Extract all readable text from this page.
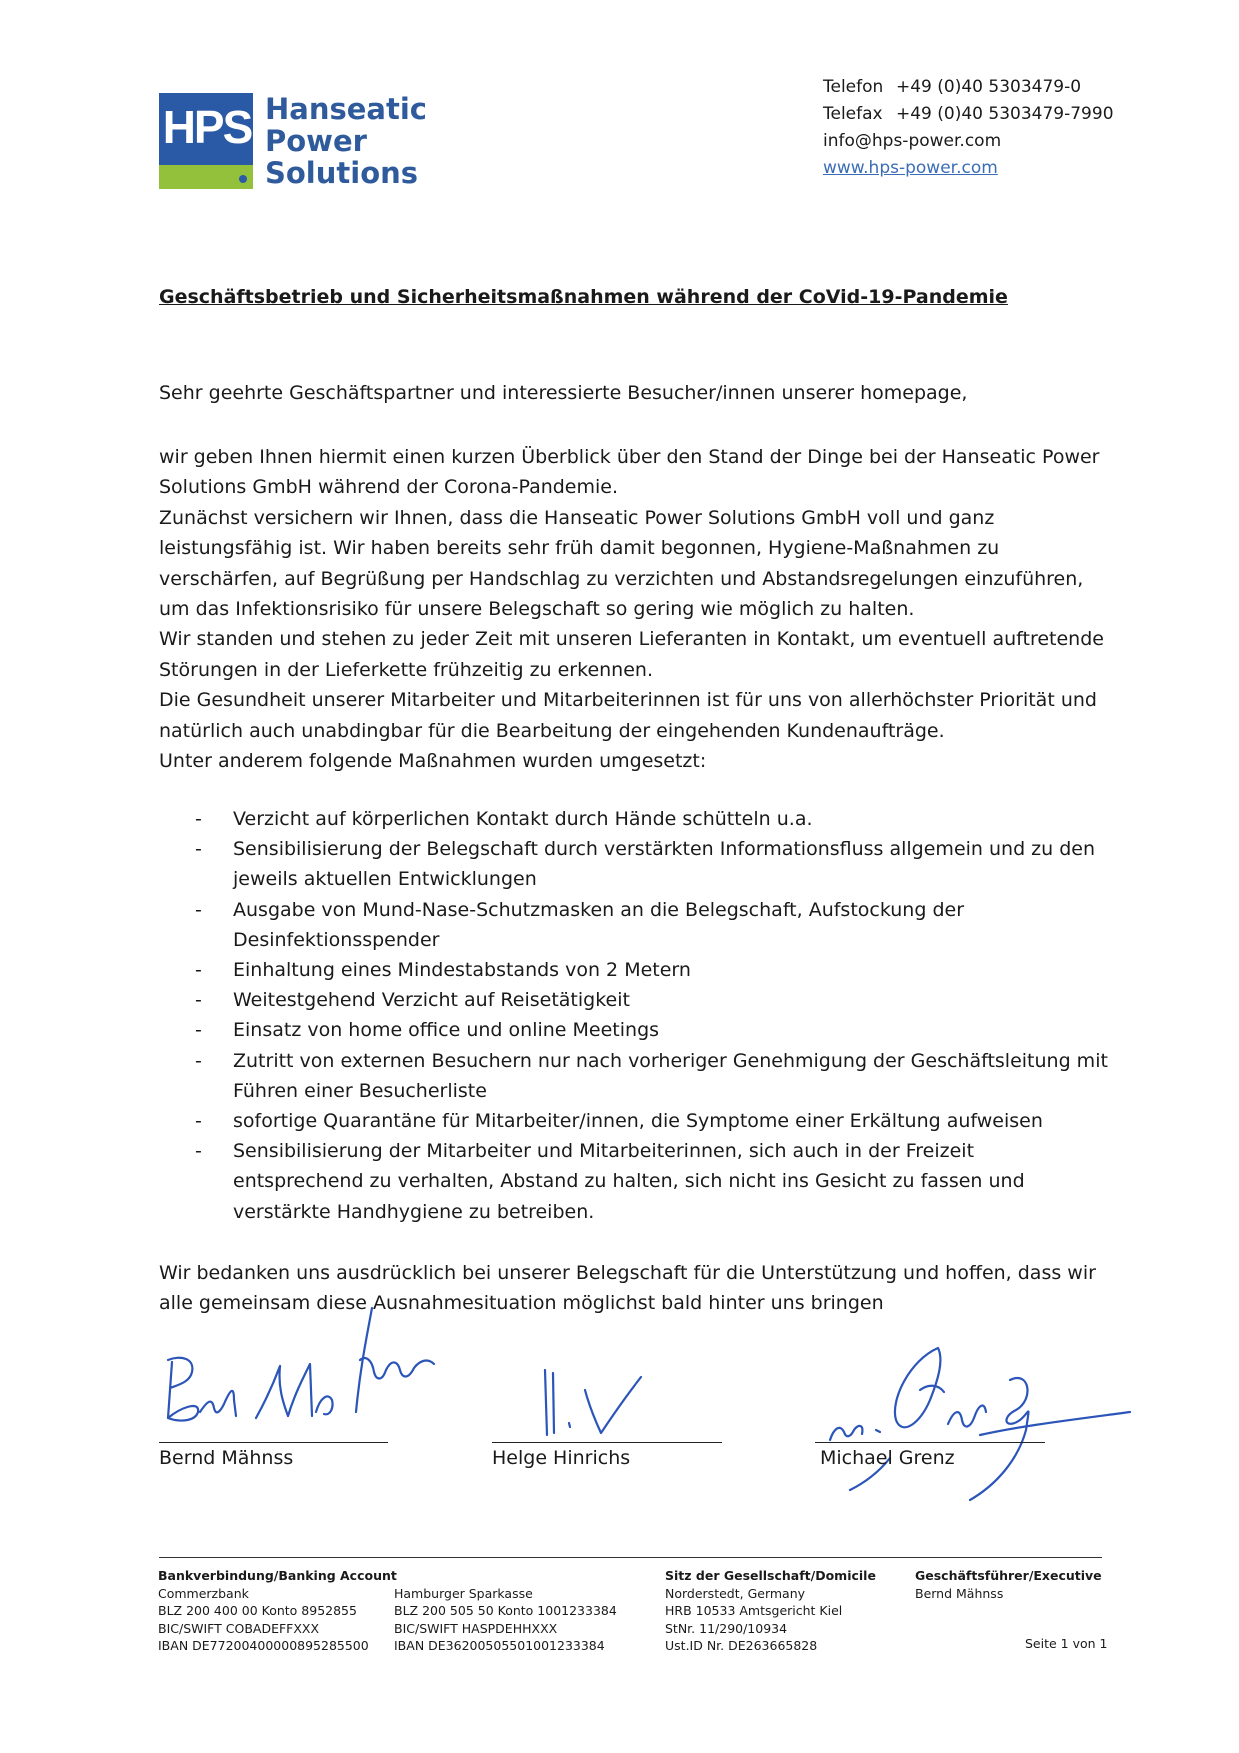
HPS Hanseatic
Power
Solutions
Telefon +49 (0)40 5303479-0
Telefax +49 (0)40 5303479-7990
info@hps-power.com
www.hps-power.com
Geschäftsbetrieb und Sicherheitsmaßnahmen während der CoVid-19-Pandemie
Sehr geehrte Geschäftspartner und interessierte Besucher/innen unserer homepage,

wir geben Ihnen hiermit einen kurzen Überblick über den Stand der Dinge bei der Hanseatic Power Solutions GmbH während der Corona-Pandemie.

Zunächst versichern wir Ihnen, dass die Hanseatic Power Solutions GmbH voll und ganz leistungsfähig ist. Wir haben bereits sehr früh damit begonnen, Hygiene-Maßnahmen zu verschärfen, auf Begrüßung per Handschlag zu verzichten und Abstandsregelungen einzuführen, um das Infektionsrisiko für unsere Belegschaft so gering wie möglich zu halten.

Wir standen und stehen zu jeder Zeit mit unseren Lieferanten in Kontakt, um eventuell auftretende Störungen in der Lieferkette frühzeitig zu erkennen.

Die Gesundheit unserer Mitarbeiter und Mitarbeiterinnen ist für uns von allerhöchster Priorität und natürlich auch unabdingbar für die Bearbeitung der eingehenden Kundenaufträge.

Unter anderem folgende Maßnahmen wurden umgesetzt:

- Verzicht auf körperlichen Kontakt durch Hände schütteln u.a.
- Sensibilisierung der Belegschaft durch verstärkten Informationsfluss allgemein und zu den jeweils aktuellen Entwicklungen
- Ausgabe von Mund-Nase-Schutzmasken an die Belegschaft, Aufstockung der Desinfektionsspender
- Einhaltung eines Mindestabstands von 2 Metern
- Weitestgehend Verzicht auf Reisetätigkeit
- Einsatz von home office und online Meetings
- Zutritt von externen Besuchern nur nach vorheriger Genehmigung der Geschäftsleitung mit Führen einer Besucherliste
- sofortige Quarantäne für Mitarbeiter/innen, die Symptome einer Erkältung aufweisen
- Sensibilisierung der Mitarbeiter und Mitarbeiterinnen, sich auch in der Freizeit entsprechend zu verhalten, Abstand zu halten, sich nicht ins Gesicht zu fassen und verstärkte Handhygiene zu betreiben.
Wir bedanken uns ausdrücklich bei unserer Belegschaft für die Unterstützung und hoffen, dass wir alle gemeinsam diese Ausnahmesituation möglichst bald hinter uns bringen
Bernd Mähnss	Helge Hinrichs	Michael Grenz
Bankverbindung/Banking Account
Commerzbank
BLZ 200 400 00 Konto 8952855
BIC/SWIFT COBADEFFXXX
IBAN DE77200400000895285500
Hamburger Sparkasse
BLZ 200 505 50 Konto 1001233384
BIC/SWIFT HASPDEHHXXX
IBAN DE36200505501001233384
Sitz der Gesellschaft/Domicile
Norderstedt, Germany
HRB 10533 Amtsgericht Kiel
StNr. 11/290/10934
Ust.ID Nr. DE263665828
Geschäftsführer/Executive
Bernd Mähnss
Seite 1 von 1
